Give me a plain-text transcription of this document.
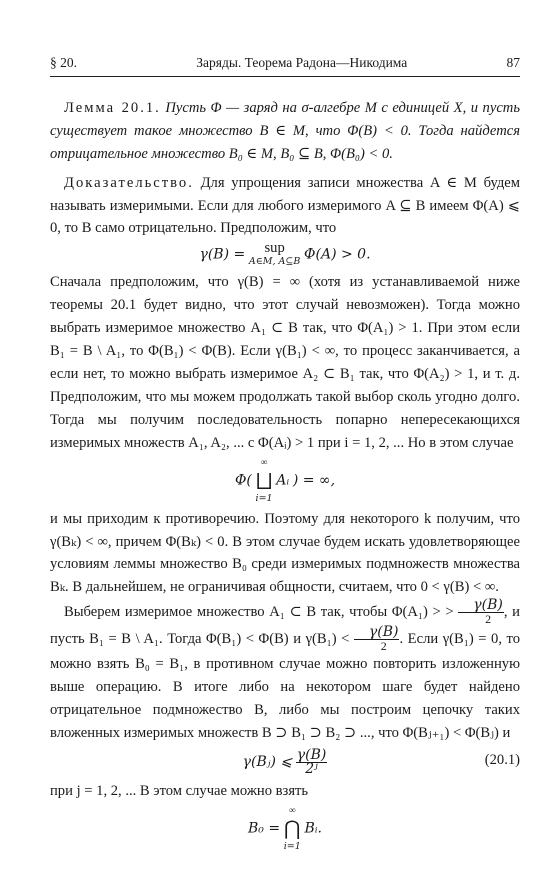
§ 20.	Заряды. Теорема Радона—Никодима	87

Лемма 20.1. Пусть Φ — заряд на σ-алгебре M с единицей X, и пусть существует такое множество B ∈ M, что Φ(B) < 0. Тогда найдется отрицательное множество B₀ ∈ M, B₀ ⊆ B, Φ(B₀) < 0.

Доказательство. Для упрощения записи множества A ∈ M будем называть измеримыми. Если для любого измеримого A ⊆ B имеем Φ(A) ⩽ 0, то B само отрицательно. Предположим, что

γ(B) = sup
A∈M, A⊆B Φ(A) > 0.

Сначала предположим, что γ(B) = ∞ (хотя из устанавливаемой ниже теоремы 20.1 будет видно, что этот случай невозможен). Тогда можно выбрать измеримое множество A₁ ⊂ B так, что Φ(A₁) > 1. При этом если B₁ = B \ A₁, то Φ(B₁) < Φ(B). Если γ(B₁) < ∞, то процесс заканчивается, а если нет, то можно выбрать измеримое A₂ ⊂ B₁ так, что Φ(A₂) > 1, и т. д. Предположим, что мы можем продолжать такой выбор сколь угодно долго. Тогда мы получим последовательность попарно непересекающихся измеримых множеств A₁, A₂, ... с Φ(Aᵢ) > 1 при i = 1, 2, ... Но в этом случае

Φ(
∞
⨆
i=1
Aᵢ ) = ∞,

и мы приходим к противоречию. Поэтому для некоторого k получим, что γ(Bₖ) < ∞, причем Φ(Bₖ) < 0. В этом случае будем искать удовлетворяющее условиям леммы множество B₀ среди измеримых подмножеств множества Bₖ. В дальнейшем, не ограничивая общности, считаем, что 0 < γ(B) < ∞.

Выберем измеримое множество A₁ ⊂ B так, чтобы Φ(A₁) > > $\frac{\gamma(B)}{2}$ , и пусть B₁ = B \ A₁. Тогда Φ(B₁) < Φ(B) и $\gamma(B_1) < \frac{\gamma(B)}{2}$ . Если γ(B₁) = 0, то можно взять B₀ = B₁, в противном случае можно повторить изложенную выше операцию. В итоге либо на некотором шаге будет найдено отрицательное подмножество B, либо мы построим цепочку таких вложенных измеримых множеств B ⊃ B₁ ⊃ B₂ ⊃ ..., что Φ(Bⱼ₊₁) < Φ(Bⱼ) и

γ(Bⱼ) ⩽ $\frac{\gamma(B)}{\text{2ʲ}}$	(20.1)

при j = 1, 2, ... В этом случае можно взять

B₀ =
∞
⋂
i=1
Bᵢ.
